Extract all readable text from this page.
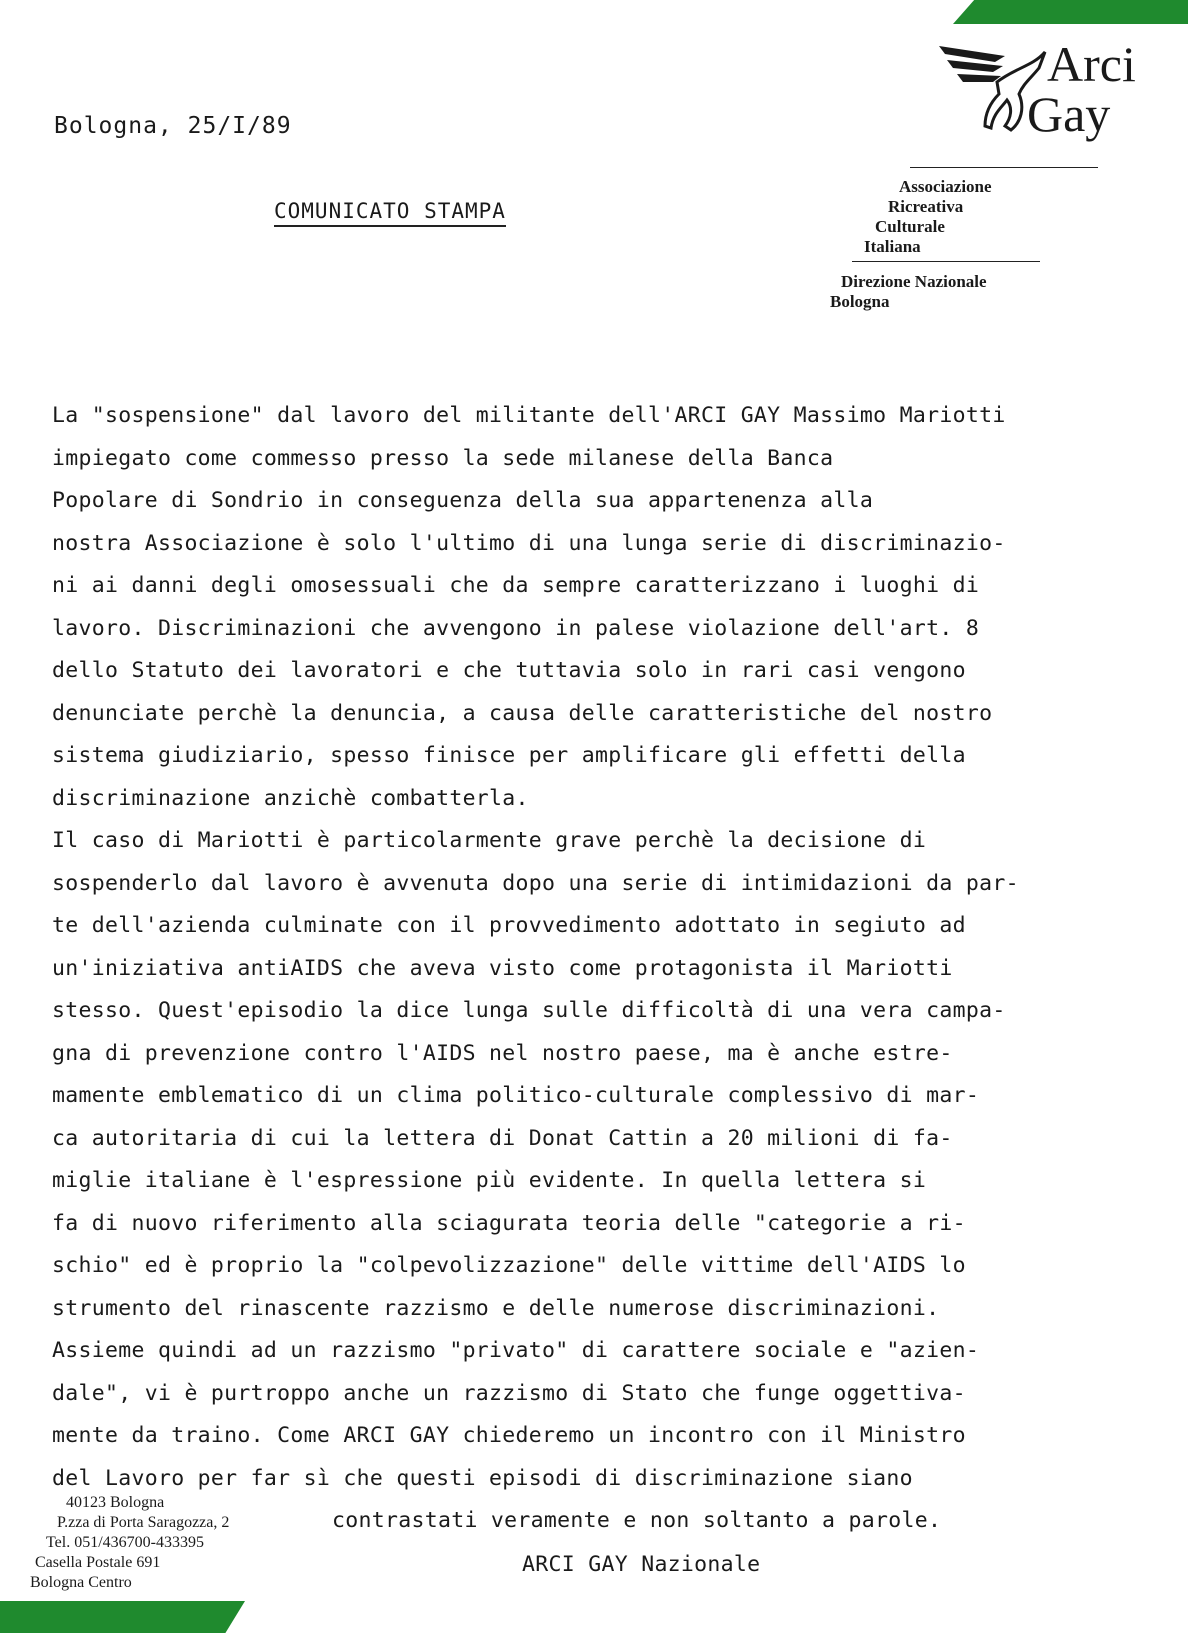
Bologna, 25/I/89
COMUNICATO STAMPA
Arci
Gay
Associazione
Ricreativa
Culturale
Italiana
Direzione Nazionale
Bologna
La "sospensione" dal lavoro del militante dell'ARCI GAY Massimo Mariotti
impiegato come commesso presso la sede milanese della Banca
Popolare di Sondrio in conseguenza della sua appartenenza alla
nostra Associazione è solo l'ultimo di una lunga serie di discriminazio-
ni ai danni degli omosessuali che da sempre caratterizzano i luoghi di
lavoro. Discriminazioni che avvengono in palese violazione dell'art. 8
dello Statuto dei lavoratori e che tuttavia solo in rari casi vengono
denunciate perchè la denuncia, a causa delle caratteristiche del nostro
sistema giudiziario, spesso finisce per amplificare gli effetti della
discriminazione anzichè combatterla.
Il caso di Mariotti è particolarmente grave perchè la decisione di
sospenderlo dal lavoro è avvenuta dopo una serie di intimidazioni da par-
te dell'azienda culminate con il provvedimento adottato in segiuto ad
un'iniziativa antiAIDS che aveva visto come protagonista il Mariotti
stesso. Quest'episodio la dice lunga sulle difficoltà di una vera campa-
gna di prevenzione contro l'AIDS nel nostro paese, ma è anche estre-
mamente emblematico di un clima politico-culturale complessivo di mar-
ca autoritaria di cui la lettera di Donat Cattin a 20 milioni di fa-
miglie italiane è l'espressione più evidente. In quella lettera si
fa di nuovo riferimento alla sciagurata teoria delle "categorie a ri-
schio" ed è proprio la "colpevolizzazione" delle vittime dell'AIDS lo
strumento del rinascente razzismo e delle numerose discriminazioni.
Assieme quindi ad un razzismo "privato" di carattere sociale e "azien-
dale", vi è purtroppo anche un razzismo di Stato che funge oggettiva-
mente da traino. Come ARCI GAY chiederemo un incontro con il Ministro
del Lavoro per far sì che questi episodi di discriminazione siano
contrastati veramente e non soltanto a parole.
ARCI GAY Nazionale
40123 Bologna
P.zza di Porta Saragozza, 2
Tel. 051/436700-433395
Casella Postale 691
Bologna Centro
